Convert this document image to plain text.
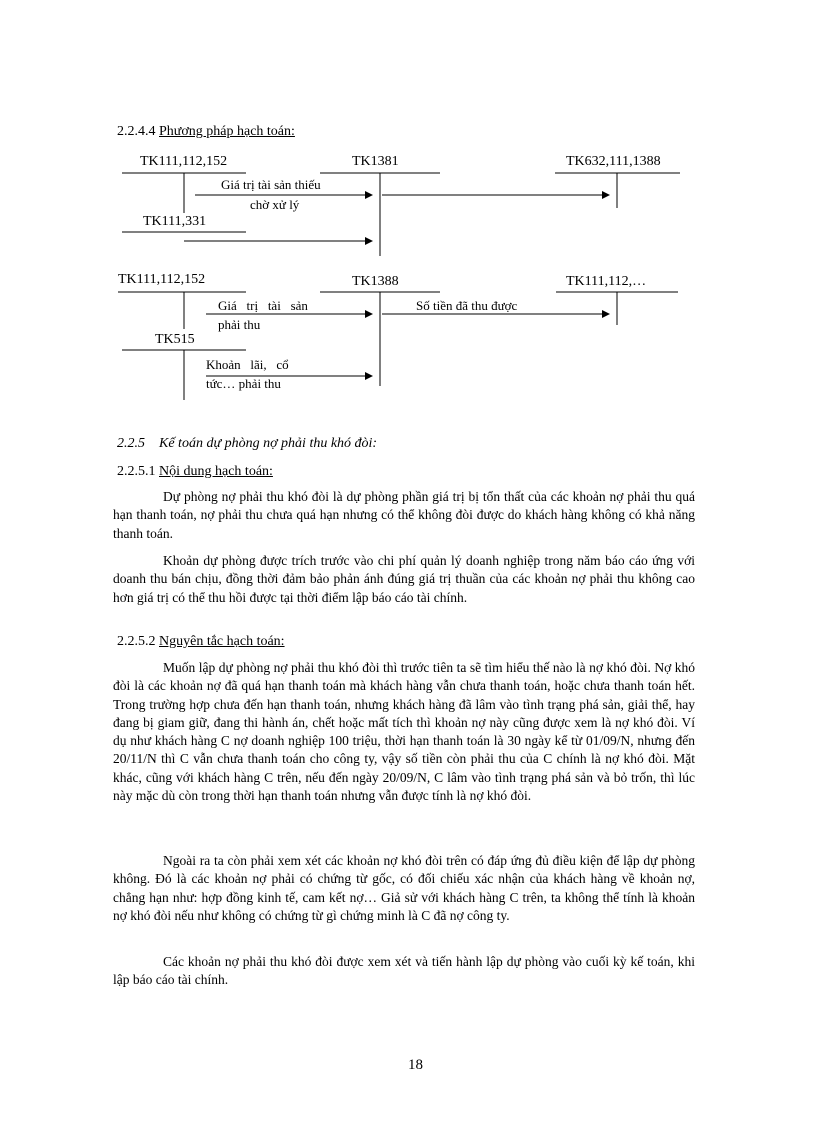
2.2.4.4 Phương pháp hạch toán:
TK111,112,152	TK1381	TK632,111,1388
Giá trị tài sản thiếu
chờ xử lý
TK111,331
TK111,112,152	TK1388	TK111,112,…
Giá   trị   tài   sản
phải thu
Số tiền đã thu được
TK515
Khoản   lãi,   cổ
tức… phải thu
2.2.5 Kế toán dự phòng nợ phải thu khó đòi:
2.2.5.1 Nội dung hạch toán:

Dự phòng nợ phải thu khó đòi là dự phòng phần giá trị bị tổn thất của các khoản nợ phải thu quá hạn thanh toán, nợ phải thu chưa quá hạn nhưng có thể không đòi được do khách hàng không có khả năng thanh toán.

Khoản dự phòng được trích trước vào chi phí quản lý doanh nghiệp trong năm báo cáo ứng với doanh thu bán chịu, đồng thời đảm bảo phản ánh đúng giá trị thuần của các khoản nợ phải thu không cao hơn giá trị có thể thu hồi được tại thời điểm lập báo cáo tài chính.

2.2.5.2 Nguyên tắc hạch toán:

Muốn lập dự phòng nợ phải thu khó đòi thì trước tiên ta sẽ tìm hiểu thế nào là nợ khó đòi. Nợ khó đòi là các khoản nợ đã quá hạn thanh toán mà khách hàng vẫn chưa thanh toán, hoặc chưa thanh toán hết. Trong trường hợp chưa đến hạn thanh toán, nhưng khách hàng đã lâm vào tình trạng phá sản, giải thể, hay đang bị giam giữ, đang thi hành án, chết hoặc mất tích thì khoản nợ này cũng được xem là nợ khó đòi. Ví dụ như khách hàng C nợ doanh nghiệp 100 triệu, thời hạn thanh toán là 30 ngày kể từ 01/09/N, nhưng đến 20/11/N thì C vẫn chưa thanh toán cho công ty, vậy số tiền còn phải thu của C chính là nợ khó đòi. Mặt khác, cũng với khách hàng C trên, nếu đến ngày 20/09/N, C lâm vào tình trạng phá sản và bỏ trốn, thì lúc này mặc dù còn trong thời hạn thanh toán nhưng vẫn được tính là nợ khó đòi.

Ngoài ra ta còn phải xem xét các khoản nợ khó đòi trên có đáp ứng đủ điều kiện để lập dự phòng không. Đó là các khoản nợ phải có chứng từ gốc, có đối chiếu xác nhận của khách hàng về khoản nợ, chẳng hạn như: hợp đồng kinh tế, cam kết nợ… Giả sử với khách hàng C trên, ta không thể tính là khoản nợ khó đòi nếu như không có chứng từ gì chứng minh là C đã nợ công ty.

Các khoản nợ phải thu khó đòi được xem xét và tiến hành lập dự phòng vào cuối kỳ kế toán, khi lập báo cáo tài chính.

18
